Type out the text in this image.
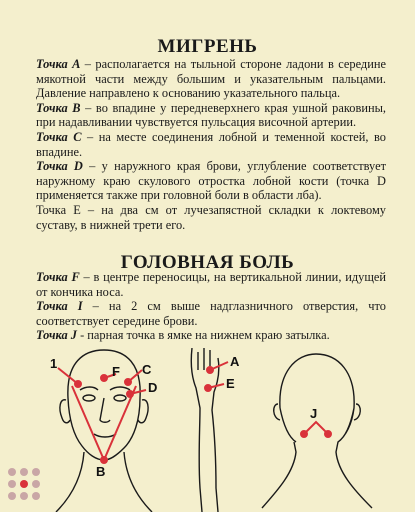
МИГРЕНЬ
Точка A – располагается на тыльной стороне ладони в середине мякотной части между большим и указательным пальцами. Давление направлено к основанию указательного пальца.
Точка B – во впадине у передневерхнего края ушной раковины, при надавливании чувствуется пульсация височной артерии.
Точка C – на месте соединения лобной и теменной костей, во впадине.
Точка D – у наружного края брови, углубление соответствует наружному краю скулового отростка лобной кости (точка D применяется также при головной боли в области лба).
Точка E – на два см от лучезапястной складки к локтевому суставу, в нижней трети его.
ГОЛОВНАЯ БОЛЬ
Точка F – в центре переносицы, на вертикальной линии, идущей от кончика носа.
Точка I – на 2 см выше надглазничного отверстия, что соответствует середине брови.
Точка J - парная точка в ямке на нижнем краю затылка.
1
F C
D
B
A
E
J
